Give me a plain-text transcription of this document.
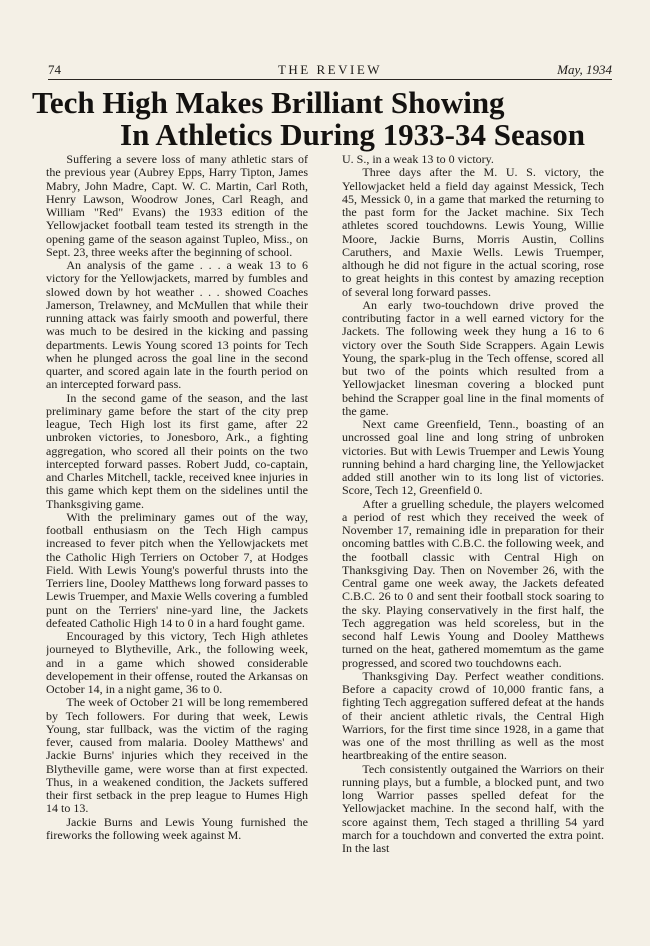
74	THE REVIEW	May, 1934
Tech High Makes Brilliant Showing
In Athletics During 1933-34 Season

Suffering a severe loss of many athletic stars of the previous year (Aubrey Epps, Harry Tipton, James Mabry, John Madre, Capt. W. C. Martin, Carl Roth, Henry Lawson, Woodrow Jones, Carl Reagh, and William "Red" Evans) the 1933 edition of the Yellowjacket football team tested its strength in the opening game of the season against Tupleo, Miss., on Sept. 23, three weeks after the beginning of school.

An analysis of the game . . . a weak 13 to 6 victory for the Yellowjackets, marred by fumbles and slowed down by hot weather . . . showed Coaches Jamerson, Trelawney, and McMullen that while their running attack was fairly smooth and powerful, there was much to be desired in the kicking and passing departments. Lewis Young scored 13 points for Tech when he plunged across the goal line in the second quarter, and scored again late in the fourth period on an intercepted forward pass.

In the second game of the season, and the last preliminary game before the start of the city prep league, Tech High lost its first game, after 22 unbroken victories, to Jonesboro, Ark., a fighting aggregation, who scored all their points on the two intercepted forward passes. Robert Judd, co-captain, and Charles Mitchell, tackle, received knee injuries in this game which kept them on the sidelines until the Thanksgiving game.

With the preliminary games out of the way, football enthusiasm on the Tech High campus increased to fever pitch when the Yellowjackets met the Catholic High Terriers on October 7, at Hodges Field. With Lewis Young's powerful thrusts into the Terriers line, Dooley Matthews long forward passes to Lewis Truemper, and Maxie Wells covering a fumbled punt on the Terriers' nine-yard line, the Jackets defeated Catholic High 14 to 0 in a hard fought game.

Encouraged by this victory, Tech High athletes journeyed to Blytheville, Ark., the following week, and in a game which showed considerable developement in their offense, routed the Arkansas on October 14, in a night game, 36 to 0.

The week of October 21 will be long remembered by Tech followers. For during that week, Lewis Young, star fullback, was the victim of the raging fever, caused from malaria. Dooley Matthews' and Jackie Burns' injuries which they received in the Blytheville game, were worse than at first expected. Thus, in a weakened condition, the Jackets suffered their first setback in the prep league to Humes High 14 to 13.

Jackie Burns and Lewis Young furnished the fireworks the following week against M.

U. S., in a weak 13 to 0 victory.

Three days after the M. U. S. victory, the Yellowjacket held a field day against Messick, Tech 45, Messick 0, in a game that marked the returning to the past form for the Jacket machine. Six Tech athletes scored touchdowns. Lewis Young, Willie Moore, Jackie Burns, Morris Austin, Collins Caruthers, and Maxie Wells. Lewis Truemper, although he did not figure in the actual scoring, rose to great heights in this contest by amazing reception of several long forward passes.

An early two-touchdown drive proved the contributing factor in a well earned victory for the Jackets. The following week they hung a 16 to 6 victory over the South Side Scrappers. Again Lewis Young, the spark-plug in the Tech offense, scored all but two of the points which resulted from a Yellowjacket linesman covering a blocked punt behind the Scrapper goal line in the final moments of the game.

Next came Greenfield, Tenn., boasting of an uncrossed goal line and long string of unbroken victories. But with Lewis Truemper and Lewis Young running behind a hard charging line, the Yellowjacket added still another win to its long list of victories. Score, Tech 12, Greenfield 0.

After a gruelling schedule, the players welcomed a period of rest which they received the week of November 17, remaining idle in preparation for their oncoming battles with C.B.C. the following week, and the football classic with Central High on Thanksgiving Day. Then on November 26, with the Central game one week away, the Jackets defeated C.B.C. 26 to 0 and sent their football stock soaring to the sky. Playing conservatively in the first half, the Tech aggregation was held scoreless, but in the second half Lewis Young and Dooley Matthews turned on the heat, gathered momemtum as the game progressed, and scored two touchdowns each.

Thanksgiving Day. Perfect weather conditions. Before a capacity crowd of 10,000 frantic fans, a fighting Tech aggregation suffered defeat at the hands of their ancient athletic rivals, the Central High Warriors, for the first time since 1928, in a game that was one of the most thrilling as well as the most heartbreaking of the entire season.

Tech consistently outgained the Warriors on their running plays, but a fumble, a blocked punt, and two long Warrior passes spelled defeat for the Yellowjacket machine. In the second half, with the score against them, Tech staged a thrilling 54 yard march for a touchdown and converted the extra point. In the last
